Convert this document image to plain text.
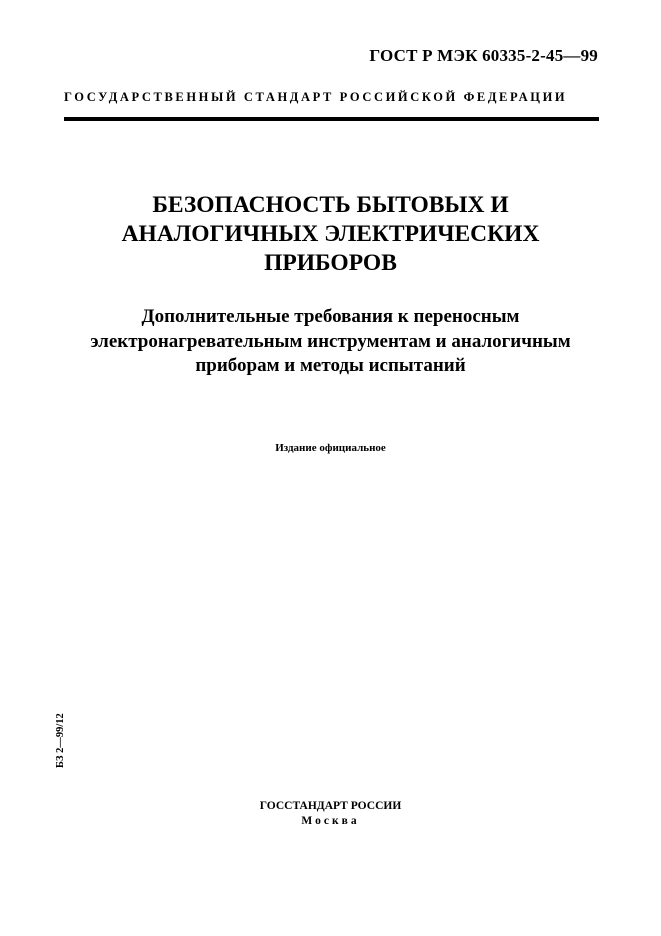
ГОСТ Р МЭК 60335-2-45—99
ГОСУДАРСТВЕННЫЙ СТАНДАРТ РОССИЙСКОЙ ФЕДЕРАЦИИ
БЕЗОПАСНОСТЬ БЫТОВЫХ И
АНАЛОГИЧНЫХ ЭЛЕКТРИЧЕСКИХ
ПРИБОРОВ
Дополнительные требования к переносным
электронагревательным инструментам и аналогичным
приборам и методы испытаний
Издание официальное
БЗ 2—99/12
ГОССТАНДАРТ РОССИИ
Москва
